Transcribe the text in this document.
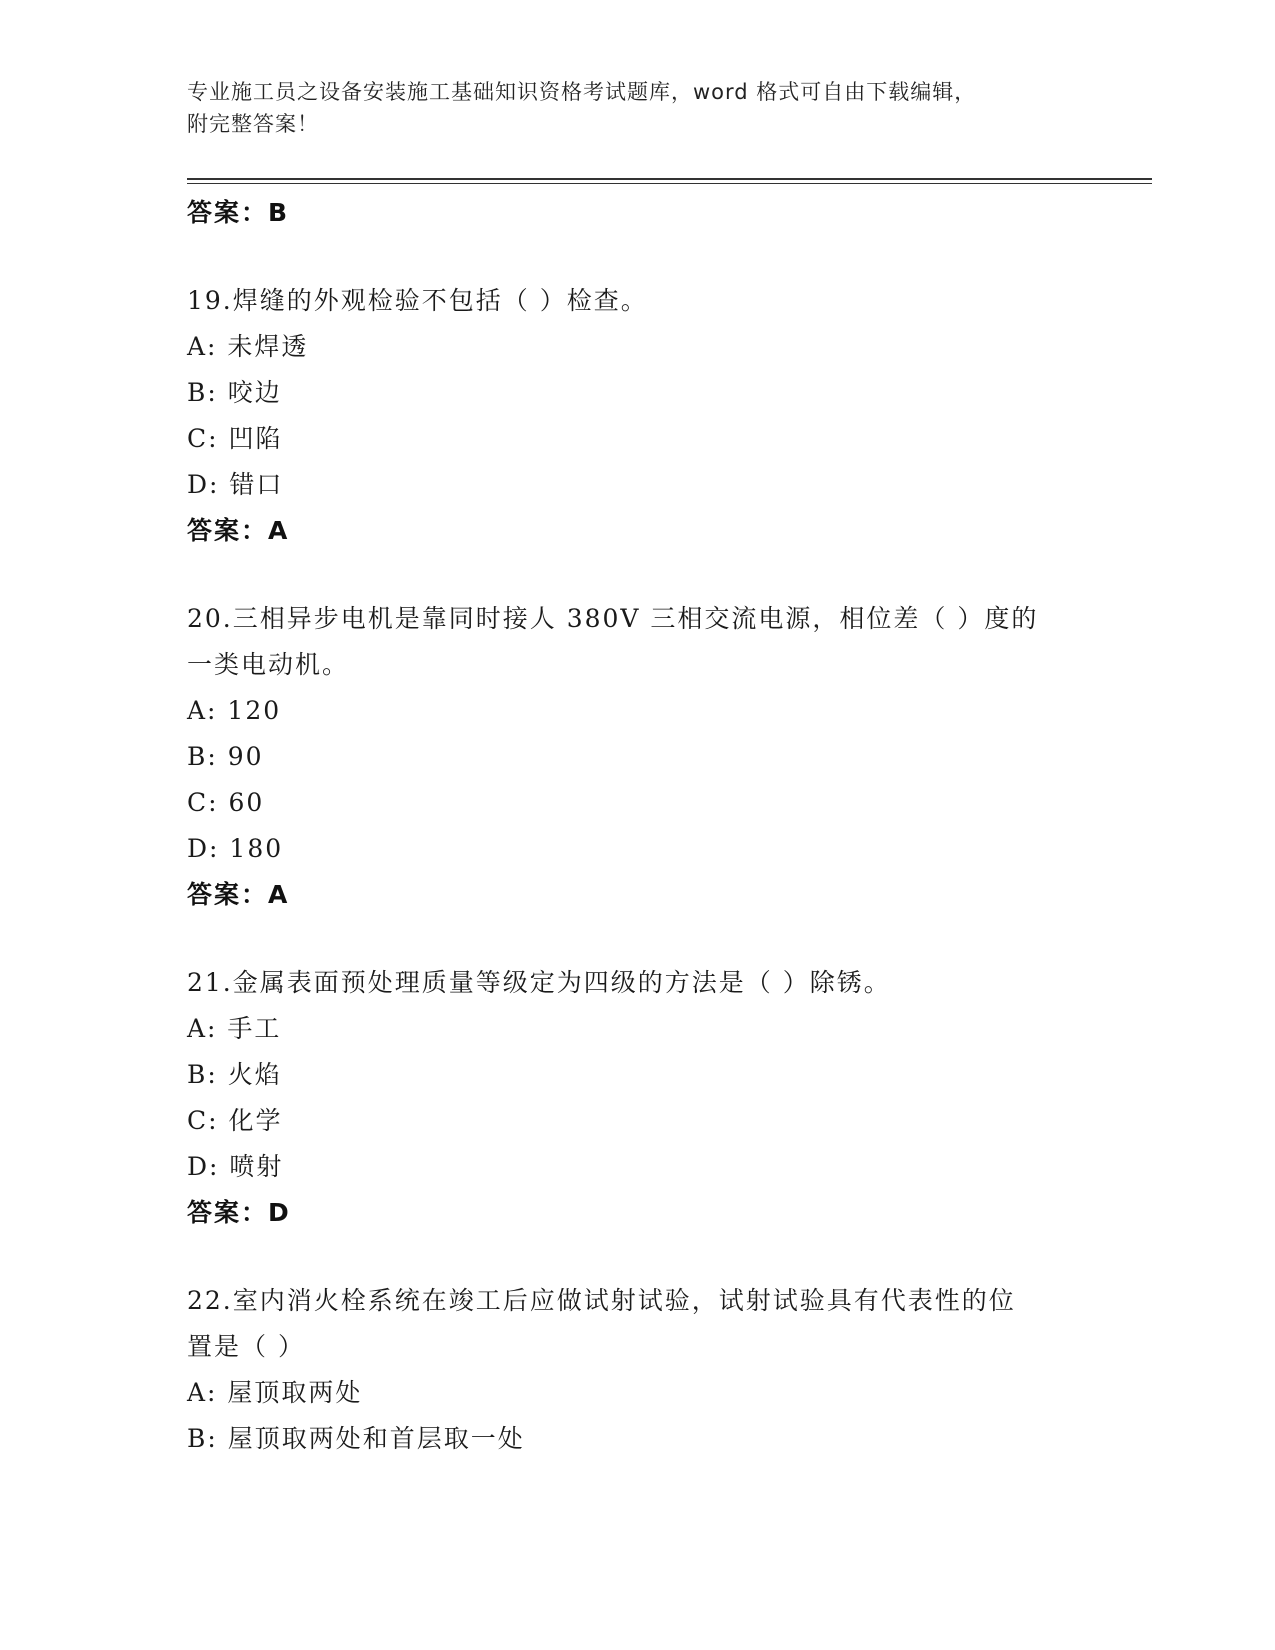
专业施工员之设备安装施工基础知识资格考试题库，word 格式可自由下载编辑，
附完整答案！
答案：B
19.焊缝的外观检验不包括（ ）检查。
A: 未焊透
B: 咬边
C: 凹陷
D: 错口
答案：A
20.三相异步电机是靠同时接人 380V 三相交流电源，相位差（ ）度的
一类电动机。
A: 120
B: 90
C: 60
D: 180
答案：A
21.金属表面预处理质量等级定为四级的方法是（ ）除锈。
A: 手工
B: 火焰
C: 化学
D: 喷射
答案：D
22.室内消火栓系统在竣工后应做试射试验，试射试验具有代表性的位
置是（ ）
A: 屋顶取两处
B: 屋顶取两处和首层取一处
